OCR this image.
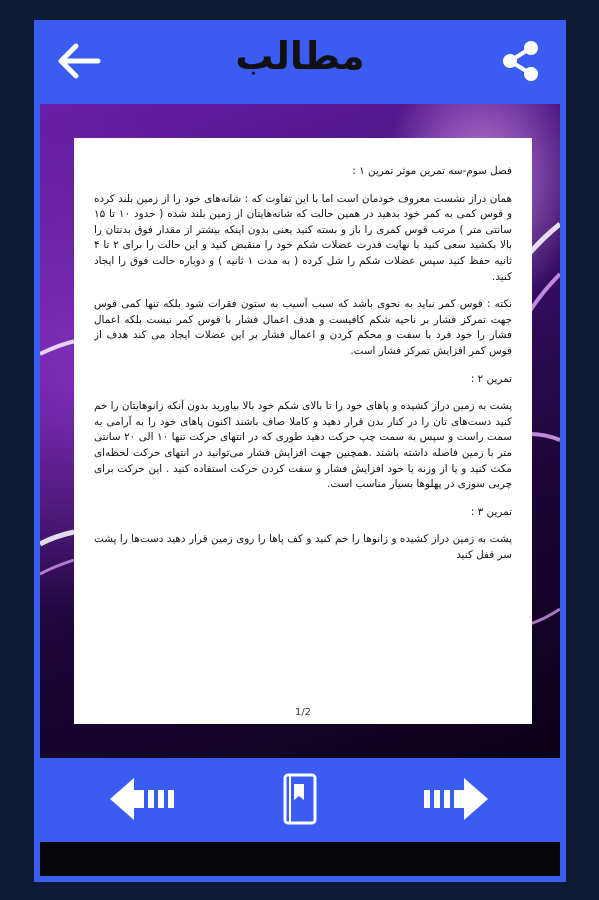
مطالب

فصل سوم-سه تمرین موثر تمرین ۱ :

همان دراز نشست معروف خودمان است اما با این تفاوت که : شانه‌های خود را از زمین بلند کرده و قوس کمی به کمر خود بدهید در همین حالت که شانه‌هایتان از زمین بلند شده ( حدود ۱۰ تا ۱۵ سانتی متر ) مرتب قوس کمری را باز و بسته کنید یعنی بدون اینکه بیشتر از مقدار فوق بدنتان را بالا بکشید سعی کنید با نهایت قدرت عضلات شکم خود را منقبض کنید و این حالت را برای ۲ تا ۴ ثانیه حفظ کنید سپس عضلات شکم را شل کرده ( به مدت ۱ ثانیه ) و دوباره حالت فوق را ایجاد کنید.

نکته : قوس کمر نباید به نحوی باشد که سبب آسیب به ستون فقرات شود بلکه تنها کمی قوس جهت تمرکز فشار بر ناحیه شکم کافیست و هدف اعمال فشار با قوس کمر نیست بلکه اعمال فشار را خود فرد با سفت و محکم کردن و اعمال فشار بر این عضلات ایجاد می کند هدف از قوس کمر افزایش تمرکز فشار است.

تمرین ۲ :

پشت به زمین دراز کشیده و پاهای خود را تا بالای شکم خود بالا بیاورید بدون آنکه زانوهایتان را خم کنید دست‌های تان را در کنار بدن قرار دهید و کاملا صاف باشند اکنون پاهای خود را به آرامی به سمت راست و سپس به سمت چپ حرکت دهید طوری که در انتهای حرکت تنها ۱۰ الی ۲۰ سانتی متر با زمین فاصله داشته باشند .همچنین جهت افزایش فشار می‌توانید در انتهای حرکت لحظه‌ای مکث کنید و یا از وزنه یا خود افزایش فشار و سفت کردن حرکت استفاده کنید . این حرکت برای چربی سوزی در پهلوها بسیار مناسب است.

تمرین ۳ :

پشت به زمین دراز کشیده و زانوها را خم کنید و کف پاها را روی زمین قرار دهید دست‌ها را پشت سر قفل کنید

1/2
